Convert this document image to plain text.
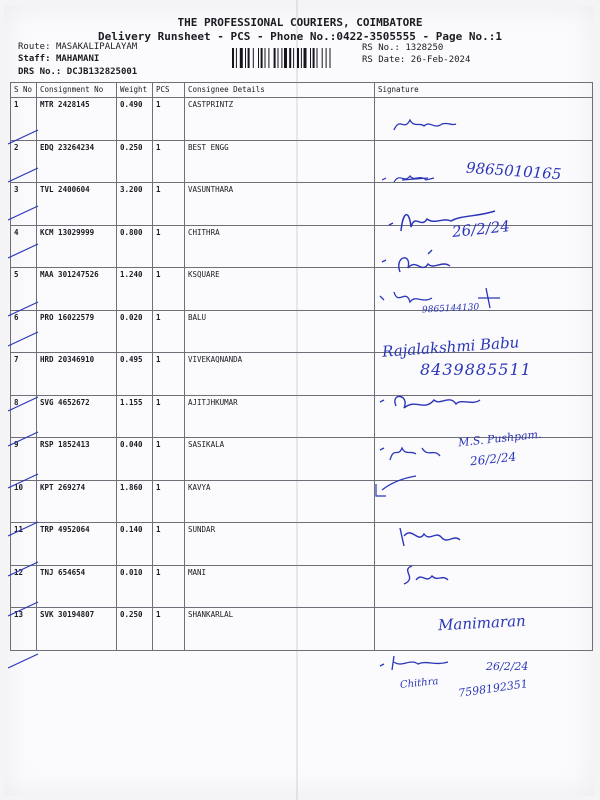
THE PROFESSIONAL COURIERS, COIMBATORE
Delivery Runsheet - PCS - Phone No.:0422-3505555 - Page No.:1
Route: MASAKALIPALAYAM
Staff: MAHAMANI
DRS No.: DCJB132825001
RS No.: 1328250
RS Date: 26-Feb-2024
S No	Consignment No	Weight	PCS	Consignee Details	Signature
1	MTR 2428145	0.490	1	CASTPRINTZ	
2	EDQ 23264234	0.250	1	BEST ENGG	
3	TVL 2400604	3.200	1	VASUNTHARA	
4	KCM 13029999	0.800	1	CHITHRA	
5	MAA 301247526	1.240	1	KSQUARE	
6	PRO 16022579	0.020	1	BALU	
7	HRD 20346910	0.495	1	VIVEKAQNANDA	
8	SVG 4652672	1.155	1	AJITJHKUMAR	
9	RSP 1852413	0.040	1	SASIKALA	
10	KPT 269274	1.860	1	KAVYA	
11	TRP 4952064	0.140	1	SUNDAR	
12	TNJ 654654	0.010	1	MANI	
13	SVK 30194807	0.250	1	SHANKARLAL	
9865010165
26/2/24
9865144130
Rajalakshmi Babu
8439885511
M.S. Pushpam.
26/2/24
Manimaran
26/2/24
Chithra 7598192351
